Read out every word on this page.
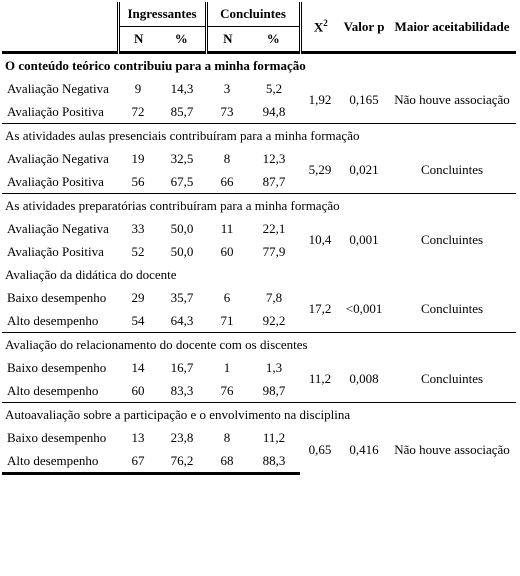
	Ingressantes		Concluintes		$X^2$	Valor p	Maior aceitabilidade
	N	%	N	%			
O conteúdo teórico contribuiu para a minha formação							
Avaliação Negativa	9	14,3	3	5,2	1,92	0,165	Não houve associação
Avaliação Positiva	72	85,7	73	94,8			
As atividades aulas presenciais contribuíram para a minha formação							
Avaliação Negativa	19	32,5	8	12,3	5,29	0,021	Concluintes
Avaliação Positiva	56	67,5	66	87,7			
As atividades preparatórias contribuíram para a minha formação							
Avaliação Negativa	33	50,0	11	22,1	10,4	0,001	Concluintes
Avaliação Positiva	52	50,0	60	77,9			
Avaliação da didática do docente							
Baixo desempenho	29	35,7	6	7,8	17,2	<0,001	Concluintes
Alto desempenho	54	64,3	71	92,2			
Avaliação do relacionamento do docente com os discentes							
Baixo desempenho	14	16,7	1	1,3	11,2	0,008	Concluintes
Alto desempenho	60	83,3	76	98,7			
Autoavaliação sobre a participação e o envolvimento na disciplina							
Baixo desempenho	13	23,8	8	11,2	0,65	0,416	Não houve associação
Alto desempenho	67	76,2	68	88,3			
